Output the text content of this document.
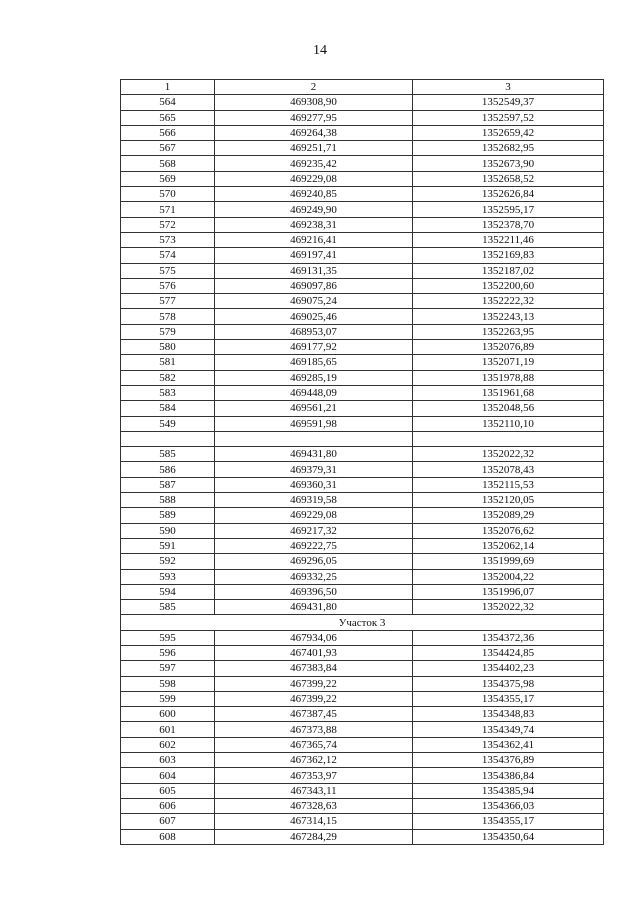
14
1	2	3
564	469308,90	1352549,37
565	469277,95	1352597,52
566	469264,38	1352659,42
567	469251,71	1352682,95
568	469235,42	1352673,90
569	469229,08	1352658,52
570	469240,85	1352626,84
571	469249,90	1352595,17
572	469238,31	1352378,70
573	469216,41	1352211,46
574	469197,41	1352169,83
575	469131,35	1352187,02
576	469097,86	1352200,60
577	469075,24	1352222,32
578	469025,46	1352243,13
579	468953,07	1352263,95
580	469177,92	1352076,89
581	469185,65	1352071,19
582	469285,19	1351978,88
583	469448,09	1351961,68
584	469561,21	1352048,56
549	469591,98	1352110,10

585	469431,80	1352022,32
586	469379,31	1352078,43
587	469360,31	1352115,53
588	469319,58	1352120,05
589	469229,08	1352089,29
590	469217,32	1352076,62
591	469222,75	1352062,14
592	469296,05	1351999,69
593	469332,25	1352004,22
594	469396,50	1351996,07
585	469431,80	1352022,32
Участок 3		
595	467934,06	1354372,36
596	467401,93	1354424,85
597	467383,84	1354402,23
598	467399,22	1354375,98
599	467399,22	1354355,17
600	467387,45	1354348,83
601	467373,88	1354349,74
602	467365,74	1354362,41
603	467362,12	1354376,89
604	467353,97	1354386,84
605	467343,11	1354385,94
606	467328,63	1354366,03
607	467314,15	1354355,17
608	467284,29	1354350,64
